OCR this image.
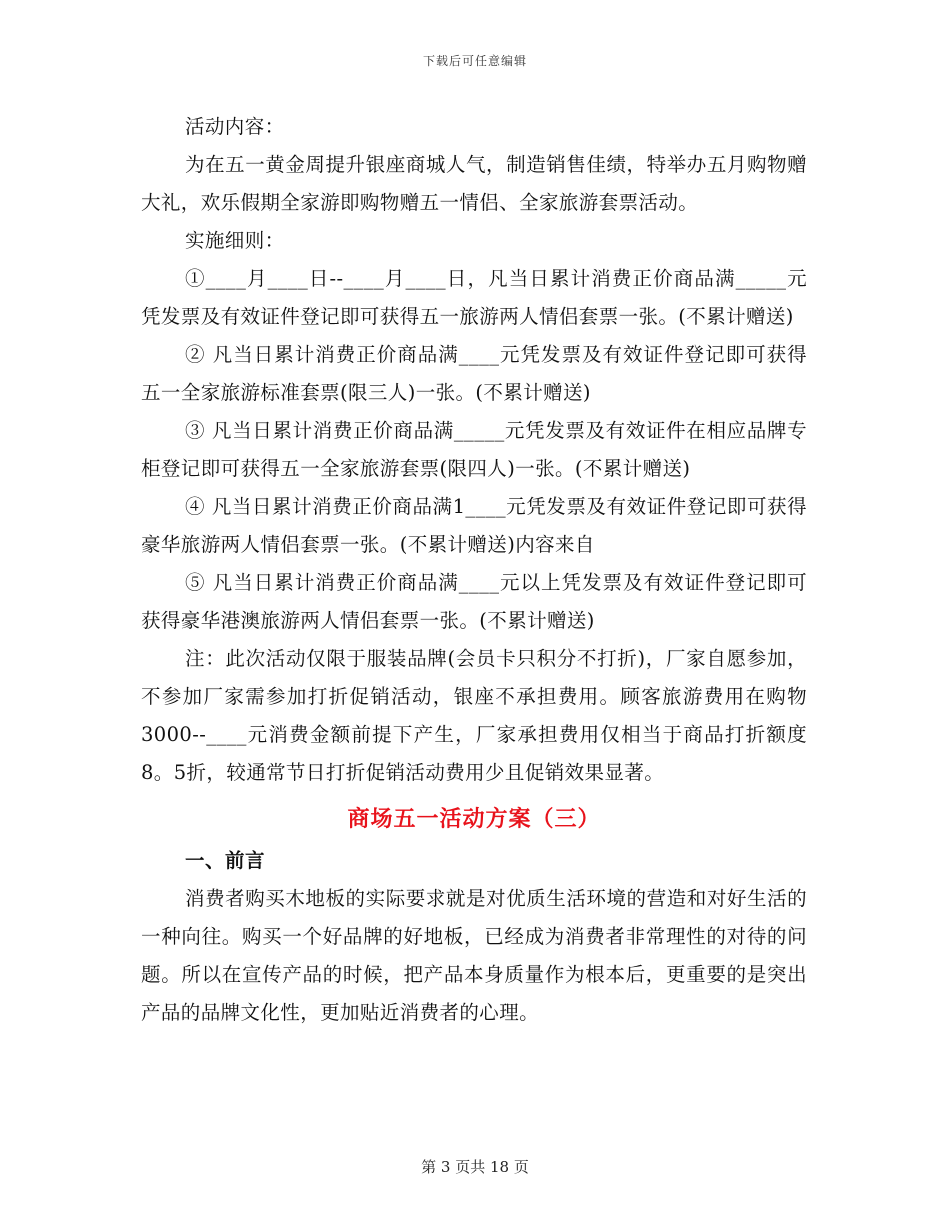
下载后可任意编辑

活动内容：

为在五一黄金周提升银座商城人气，制造销售佳绩，特举办五月购物赠大礼，欢乐假期全家游即购物赠五一情侣、全家旅游套票活动。

实施细则：

①____月____日--____月____日，凡当日累计消费正价商品满_____元凭发票及有效证件登记即可获得五一旅游两人情侣套票一张。(不累计赠送)

② 凡当日累计消费正价商品满____元凭发票及有效证件登记即可获得五一全家旅游标准套票(限三人)一张。(不累计赠送)

③ 凡当日累计消费正价商品满_____元凭发票及有效证件在相应品牌专柜登记即可获得五一全家旅游套票(限四人)一张。(不累计赠送)

④ 凡当日累计消费正价商品满1____元凭发票及有效证件登记即可获得豪华旅游两人情侣套票一张。(不累计赠送)内容来自

⑤ 凡当日累计消费正价商品满____元以上凭发票及有效证件登记即可获得豪华港澳旅游两人情侣套票一张。(不累计赠送)

注：此次活动仅限于服装品牌(会员卡只积分不打折)，厂家自愿参加，不参加厂家需参加打折促销活动，银座不承担费用。顾客旅游费用在购物3000--____元消费金额前提下产生，厂家承担费用仅相当于商品打折额度8。5折，较通常节日打折促销活动费用少且促销效果显著。

商场五一活动方案（三）

一、前言

消费者购买木地板的实际要求就是对优质生活环境的营造和对好生活的一种向往。购买一个好品牌的好地板，已经成为消费者非常理性的对待的问题。所以在宣传产品的时候，把产品本身质量作为根本后，更重要的是突出产品的品牌文化性，更加贴近消费者的心理。

第 3 页共 18 页
